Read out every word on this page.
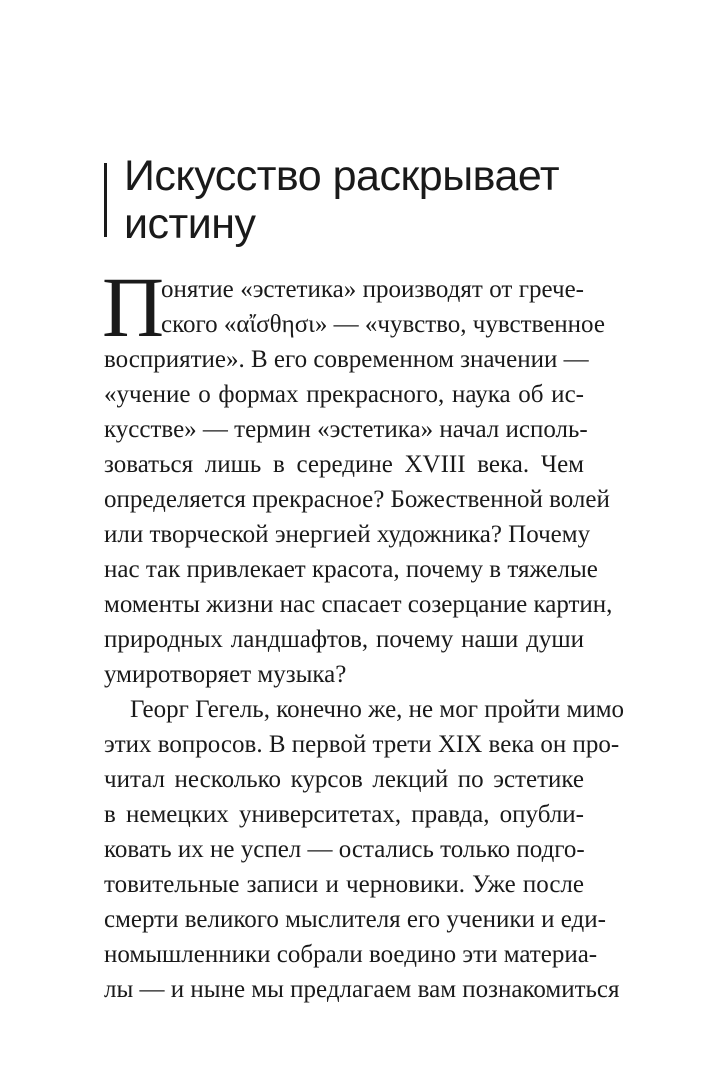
Искусство раскрывает
истину
П
онятие «эстетика» производят от грече-
ского «αἴσθησι» — «чувство, чувственное
восприятие». В его современном значении —
«учение о формах прекрасного, наука об ис-
кусстве» — термин «эстетика» начал исполь-
зоваться лишь в середине XVIII века. Чем
определяется прекрасное? Божественной волей
или творческой энергией художника? Почему
нас так привлекает красота, почему в тяжелые
моменты жизни нас спасает созерцание картин,
природных ландшафтов, почему наши души
умиротворяет музыка?
Георг Гегель, конечно же, не мог пройти мимо
этих вопросов. В первой трети XIX века он про-
читал несколько курсов лекций по эстетике
в немецких университетах, правда, опубли-
ковать их не успел — остались только подго-
товительные записи и черновики. Уже после
смерти великого мыслителя его ученики и еди-
номышленники собрали воедино эти материа-
лы — и ныне мы предлагаем вам познакомиться
